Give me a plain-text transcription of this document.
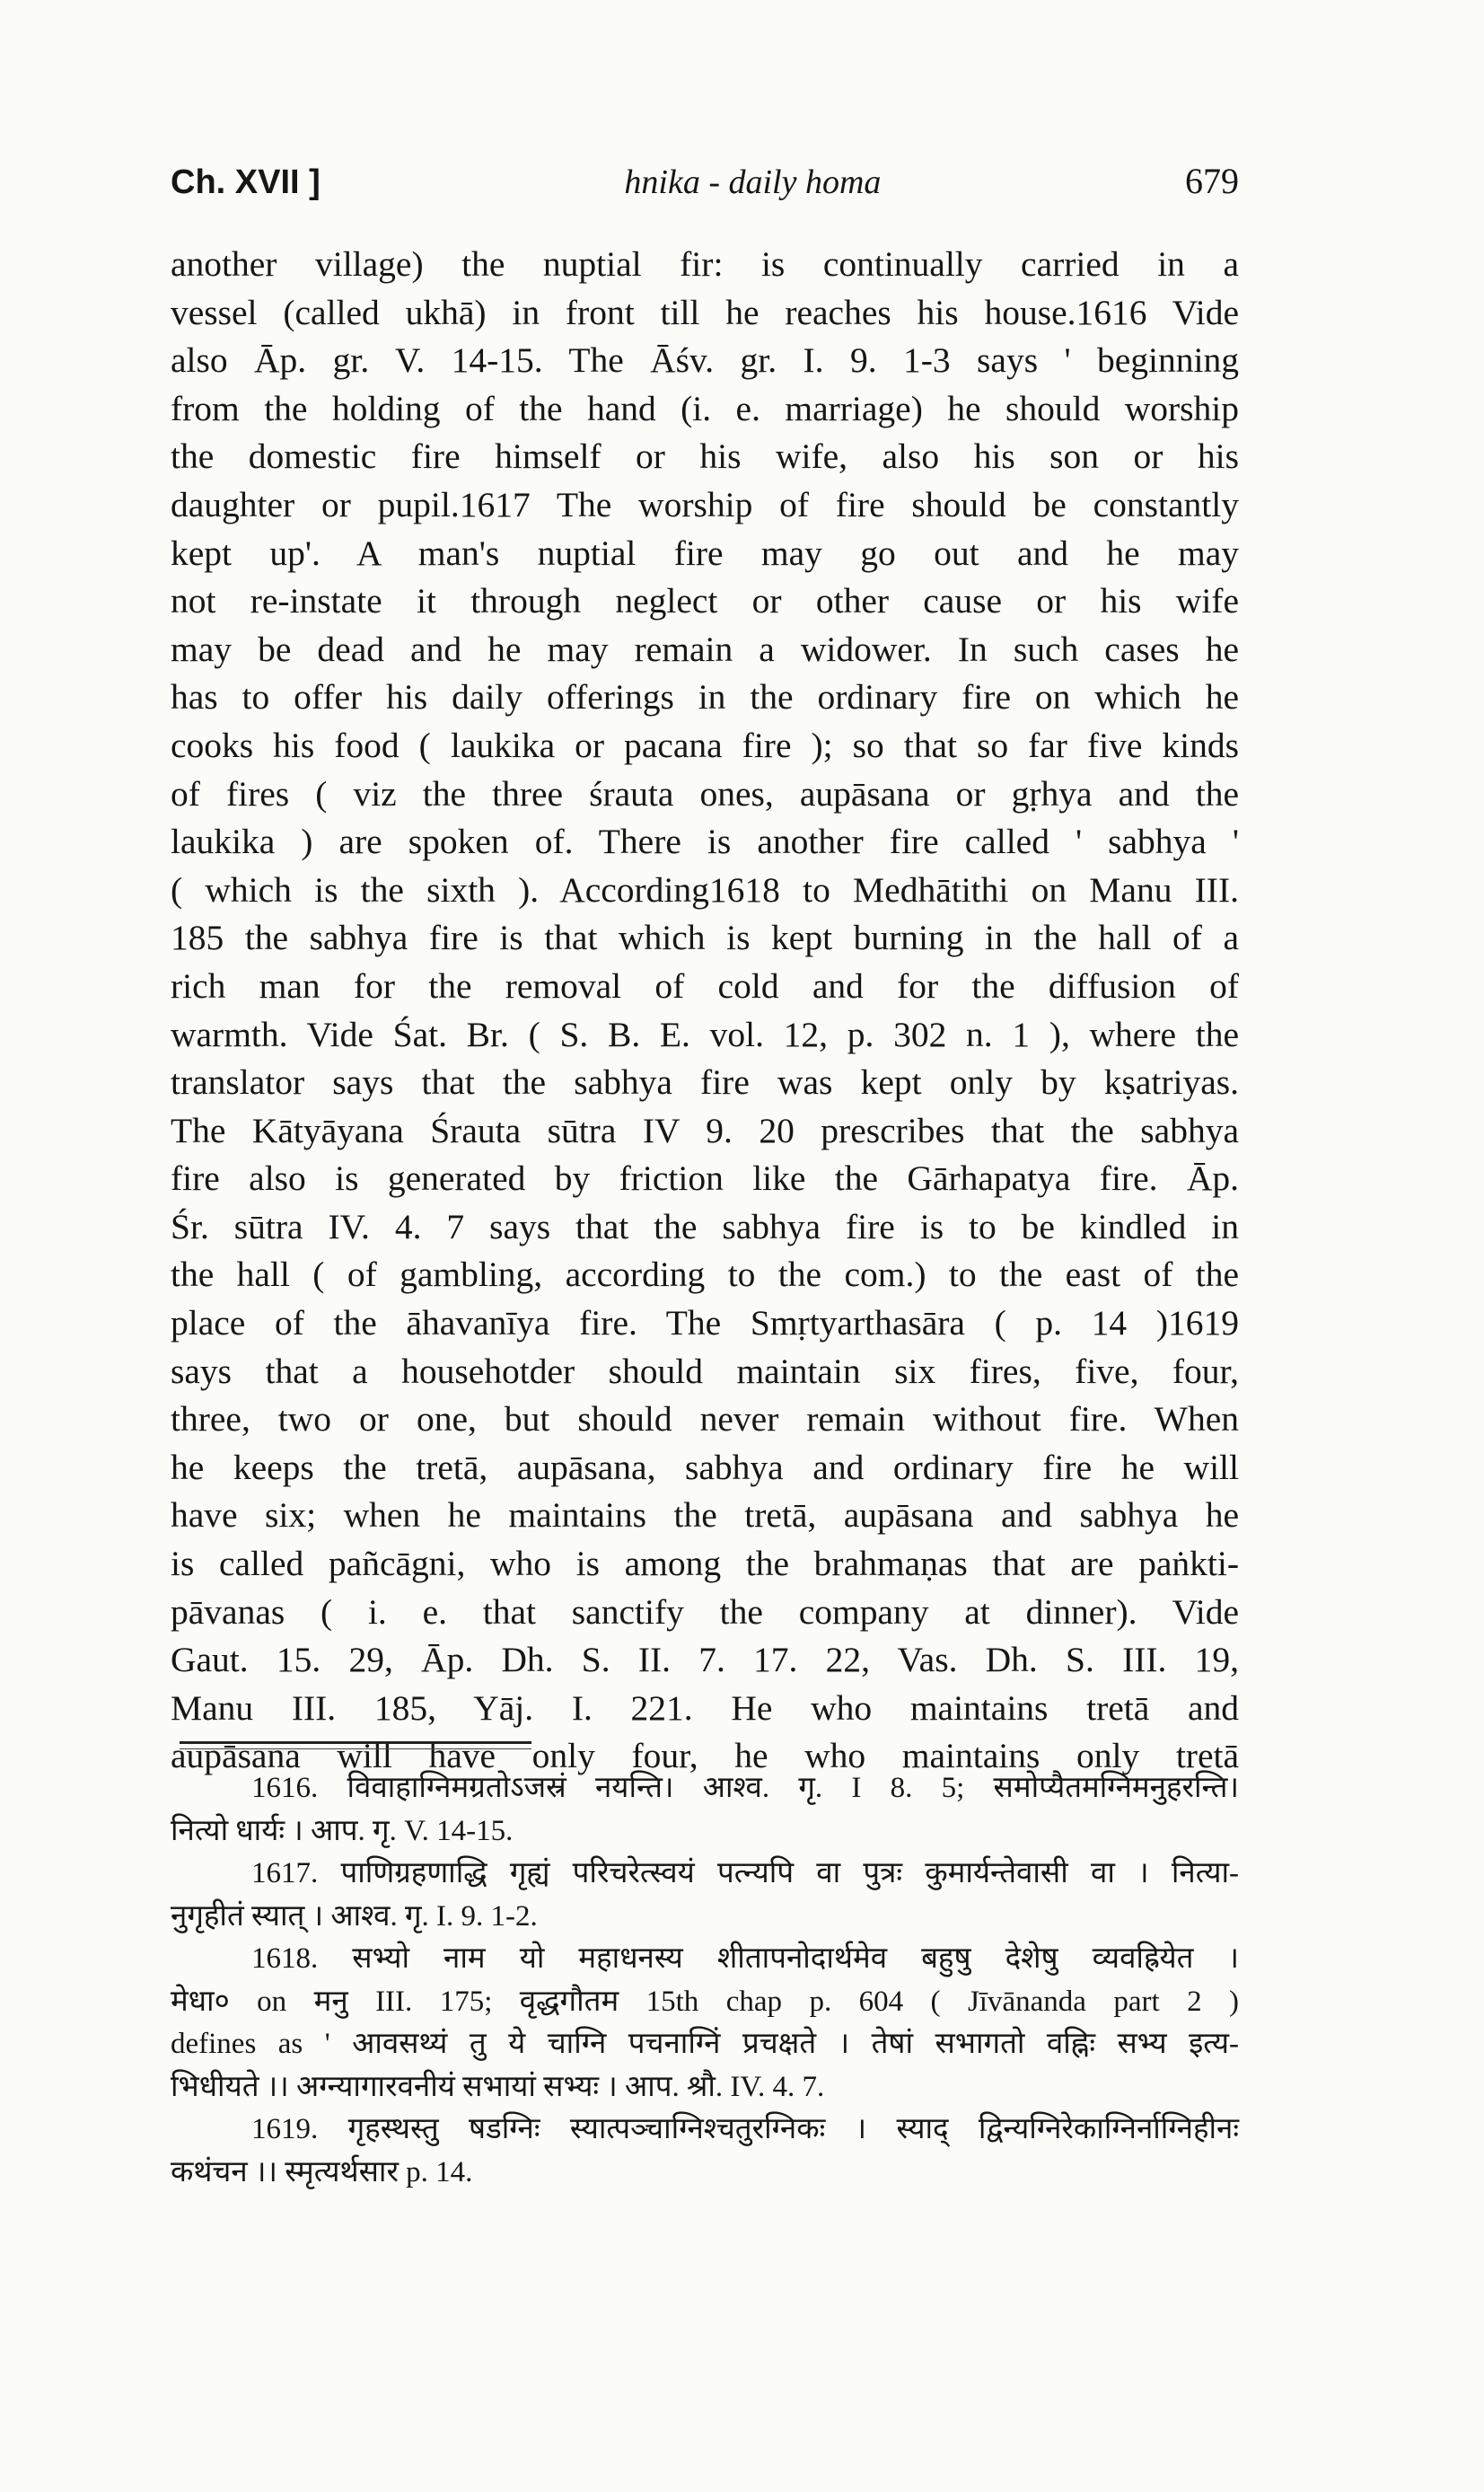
Ch. XVII ]	hnika - daily homa	679
another village) the nuptial fir: is continually carried in a
vessel (called ukhā) in front till he reaches his house.1616 Vide
also Āp. gr. V. 14-15. The Āśv. gr. I. 9. 1-3 says ' beginning
from the holding of the hand (i. e. marriage) he should worship
the domestic fire himself or his wife, also his son or his
daughter or pupil.1617 The worship of fire should be constantly
kept up'. A man's nuptial fire may go out and he may
not re-instate it through neglect or other cause or his wife
may be dead and he may remain a widower. In such cases he
has to offer his daily offerings in the ordinary fire on which he
cooks his food ( laukika or pacana fire ); so that so far five kinds
of fires ( viz the three śrauta ones, aupāsana or gṛhya and the
laukika ) are spoken of. There is another fire called ' sabhya '
( which is the sixth ). According1618 to Medhātithi on Manu III.
185 the sabhya fire is that which is kept burning in the hall of a
rich man for the removal of cold and for the diffusion of
warmth. Vide Śat. Br. ( S. B. E. vol. 12, p. 302 n. 1 ), where the
translator says that the sabhya fire was kept only by kṣatriyas.
The Kātyāyana Śrauta sūtra IV 9. 20 prescribes that the sabhya
fire also is generated by friction like the Gārhapatya fire. Āp.
Śr. sūtra IV. 4. 7 says that the sabhya fire is to be kindled in
the hall ( of gambling, according to the com.) to the east of the
place of the āhavanīya fire. The Smṛtyarthasāra ( p. 14 )1619
says that a househotder should maintain six fires, five, four,
three, two or one, but should never remain without fire. When
he keeps the tretā, aupāsana, sabhya and ordinary fire he will
have six; when he maintains the tretā, aupāsana and sabhya he
is called pañcāgni, who is among the brahmaṇas that are paṅkti-
pāvanas ( i. e. that sanctify the company at dinner). Vide
Gaut. 15. 29, Āp. Dh. S. II. 7. 17. 22, Vas. Dh. S. III. 19,
Manu III. 185, Yāj. I. 221. He who maintains tretā and
aupāsana will have only four, he who maintains only tretā
1616. विवाहाग्निमग्रतोऽजस्रं नयन्ति। आश्व. गृ. I 8. 5; समोप्यैतमग्निमनुहरन्ति।
नित्यो धार्यः । आप. गृ. V. 14-15.
1617. पाणिग्रहणाद्धि गृह्यं परिचरेत्स्वयं पत्न्यपि वा पुत्रः कुमार्यन्तेवासी वा । नित्या-
नुगृहीतं स्यात् । आश्व. गृ. I. 9. 1-2.
1618. सभ्यो नाम यो महाधनस्य शीतापनोदार्थमेव बहुषु देशेषु व्यवह्रियेत ।
मेधा० on मनु III. 175; वृद्धगौतम 15th chap p. 604 ( Jīvānanda part 2 )
defines as ' आवसथ्यं तु ये चाग्नि पचनाग्निं प्रचक्षते । तेषां सभागतो वह्निः सभ्य इत्य-
भिधीयते ।। अग्न्यागारवनीयं सभायां सभ्यः । आप. श्रौ. IV. 4. 7.
1619. गृहस्थस्तु षडग्निः स्यात्पञ्चाग्निश्चतुरग्निकः । स्याद् द्विन्यग्निरेकाग्निर्नाग्निहीनः
कथंचन ।। स्मृत्यर्थसार p. 14.
